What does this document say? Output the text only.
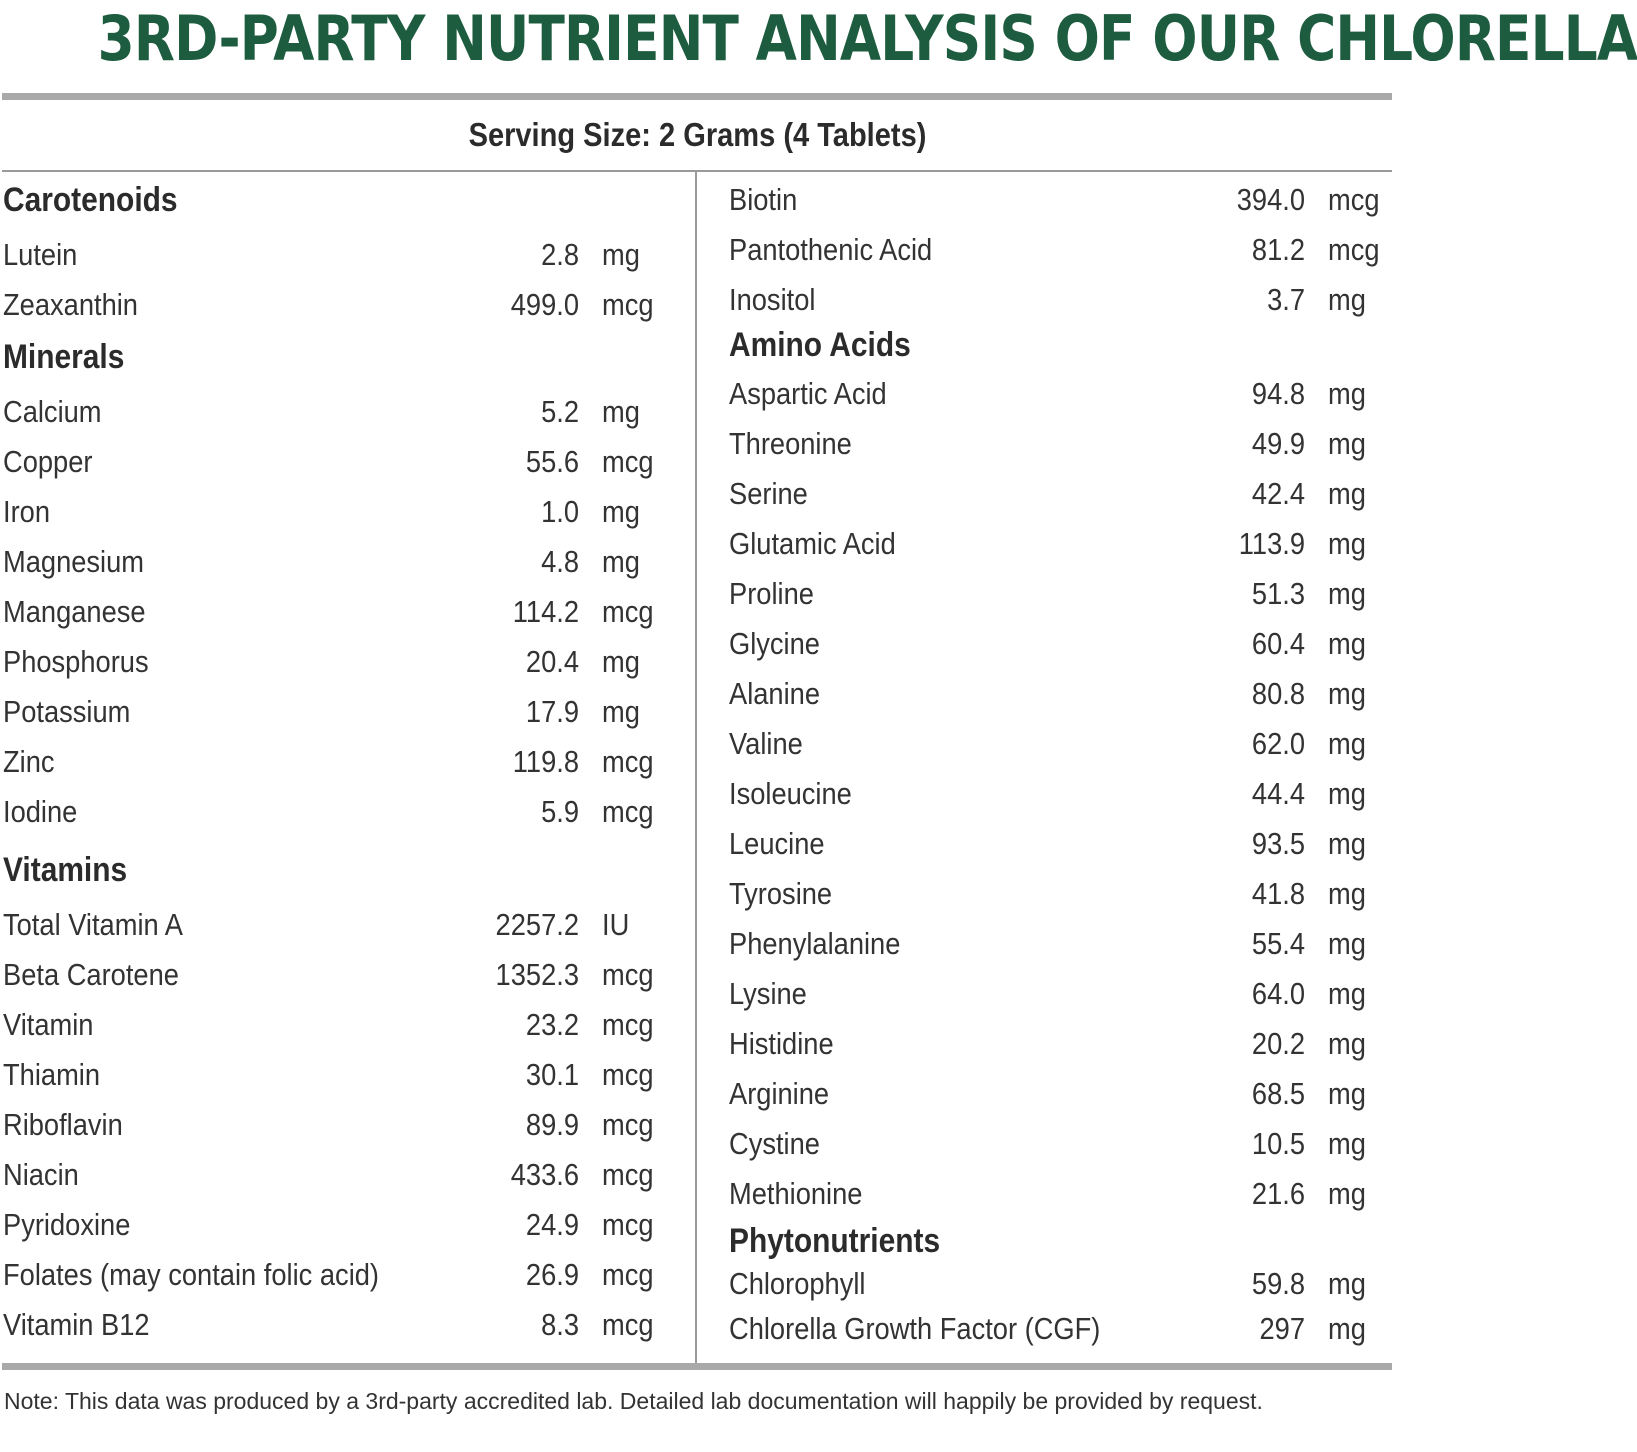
3RD-PARTY NUTRIENT ANALYSIS OF OUR CHLORELLA
Serving Size: 2 Grams (4 Tablets)
Carotenoids
Lutein	2.8 mg
Zeaxanthin	499.0 mcg
Minerals
Calcium	5.2 mg
Copper	55.6 mcg
Iron	1.0 mg
Magnesium	4.8 mg
Manganese	114.2 mcg
Phosphorus	20.4 mg
Potassium	17.9 mg
Zinc	119.8 mcg
Iodine	5.9 mcg
Vitamins
Total Vitamin A	2257.2 IU
Beta Carotene	1352.3 mcg
Vitamin	23.2 mcg
Thiamin	30.1 mcg
Riboflavin	89.9 mcg
Niacin	433.6 mcg
Pyridoxine	24.9 mcg
Folates (may contain folic acid)	26.9 mcg
Vitamin B12	8.3 mcg
Biotin	394.0 mcg
Pantothenic Acid	81.2 mcg
Inositol	3.7 mg
Amino Acids
Aspartic Acid	94.8 mg
Threonine	49.9 mg
Serine	42.4 mg
Glutamic Acid	113.9 mg
Proline	51.3 mg
Glycine	60.4 mg
Alanine	80.8 mg
Valine	62.0 mg
Isoleucine	44.4 mg
Leucine	93.5 mg
Tyrosine	41.8 mg
Phenylalanine	55.4 mg
Lysine	64.0 mg
Histidine	20.2 mg
Arginine	68.5 mg
Cystine	10.5 mg
Methionine	21.6 mg
Phytonutrients
Chlorophyll	59.8 mg
Chlorella Growth Factor (CGF)	297 mg
Note: This data was produced by a 3rd-party accredited lab. Detailed lab documentation will happily be provided by request.
